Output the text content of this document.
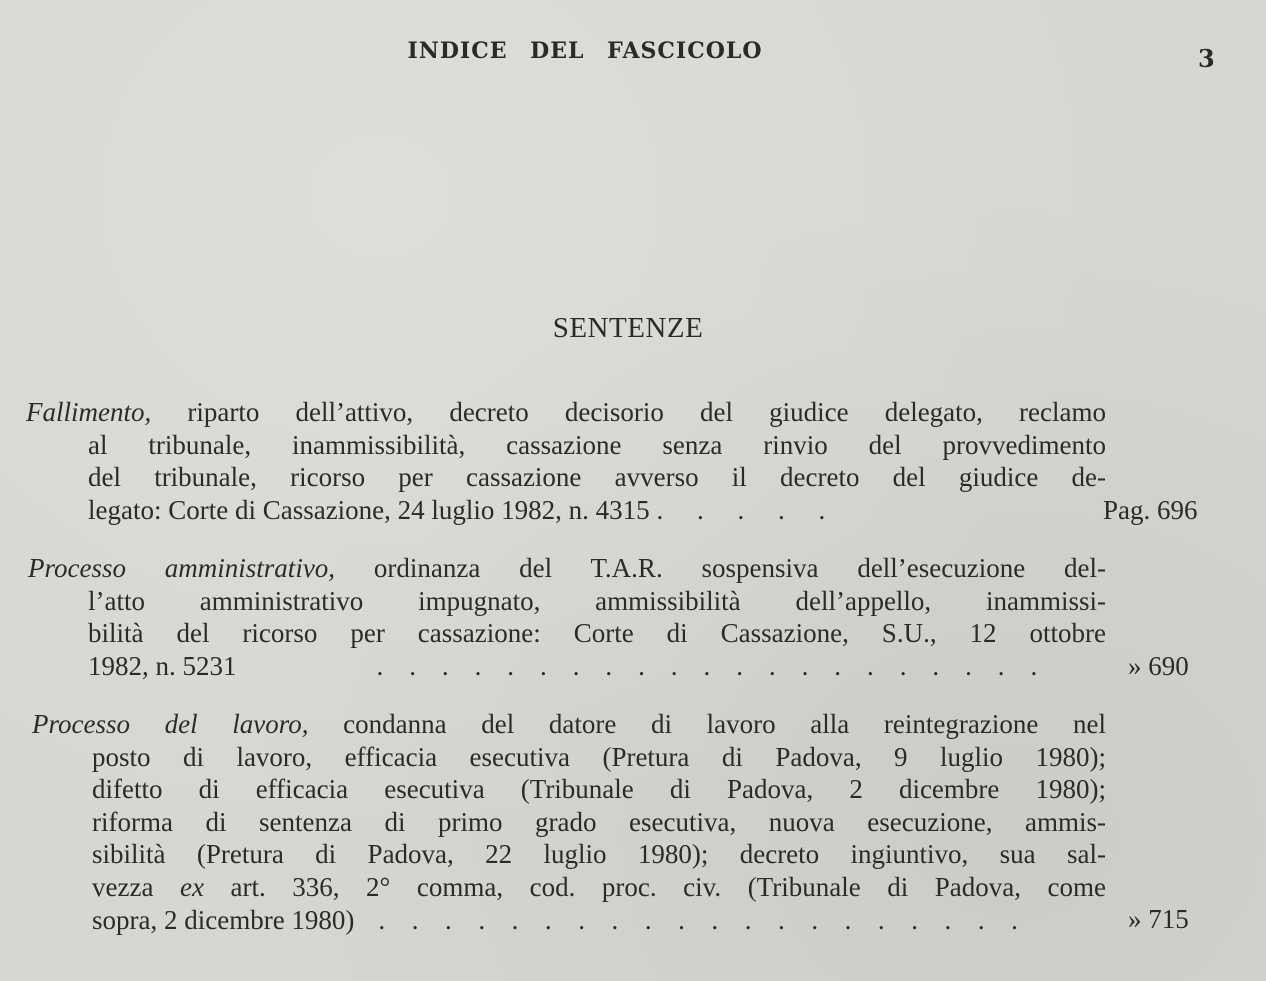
INDICE DEL FASCICOLO	3
SENTENZE
Fallimento, riparto dell’attivo, decreto decisorio del giudice delegato, reclamo
al tribunale, inammissibilità, cassazione senza rinvio del provvedimento
del tribunale, ricorso per cassazione avverso il decreto del giudice de-
legato: Corte di Cassazione, 24 luglio 1982, n. 4315 .     .     .     .     .	Pag. 696
Processo amministrativo, ordinanza del T.A.R. sospensiva dell’esecuzione del-
l’atto amministrativo impugnato, ammissibilità dell’appello, inammissi-
bilità del ricorso per cassazione: Corte di Cassazione, S.U., 12 ottobre
1982, n. 5231	.     .     .     .     .     .     .     .     .     .     .     .     .     .     .     .     .     .     .     .     .	» 690
Processo del lavoro, condanna del datore di lavoro alla reintegrazione nel
posto di lavoro, efficacia esecutiva (Pretura di Padova, 9 luglio 1980);
difetto di efficacia esecutiva (Tribunale di Padova, 2 dicembre 1980);
riforma di sentenza di primo grado esecutiva, nuova esecuzione, ammis-
sibilità (Pretura di Padova, 22 luglio 1980); decreto ingiuntivo, sua sal-
vezza ex art. 336, 2° comma, cod. proc. civ. (Tribunale di Padova, come
sopra, 2 dicembre 1980) .     .     .     .     .     .     .     .     .     .     .     .     .     .     .     .     .     .     .     .	» 715
